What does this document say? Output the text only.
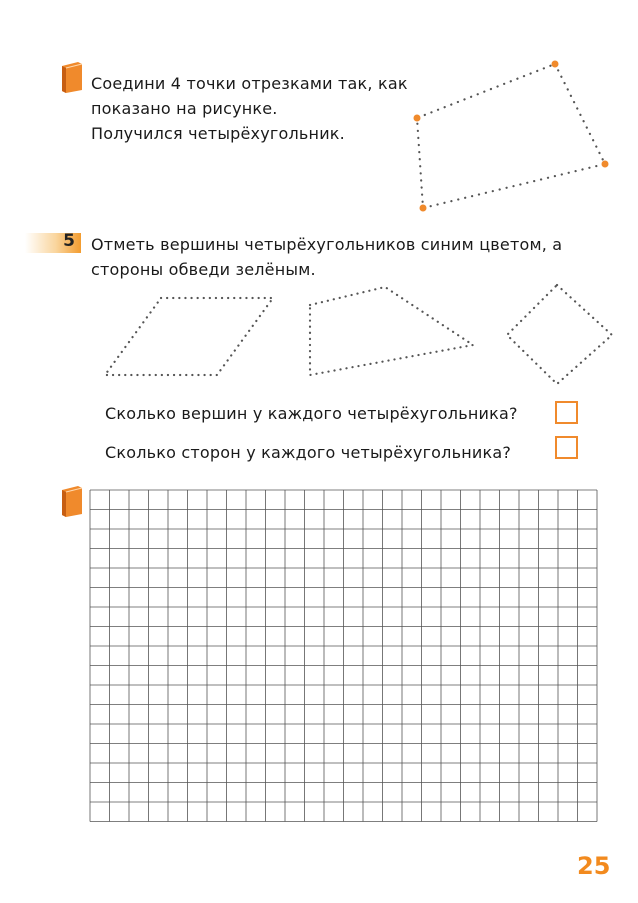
Соедини 4 точки отрезками так, как
показано на рисунке.
Получился четырёхугольник.
5 Отметь вершины четырёхугольников синим цветом, а
стороны обведи зелёным.
Сколько вершин у каждого четырёхугольника?
Сколько сторон у каждого четырёхугольника?
25
